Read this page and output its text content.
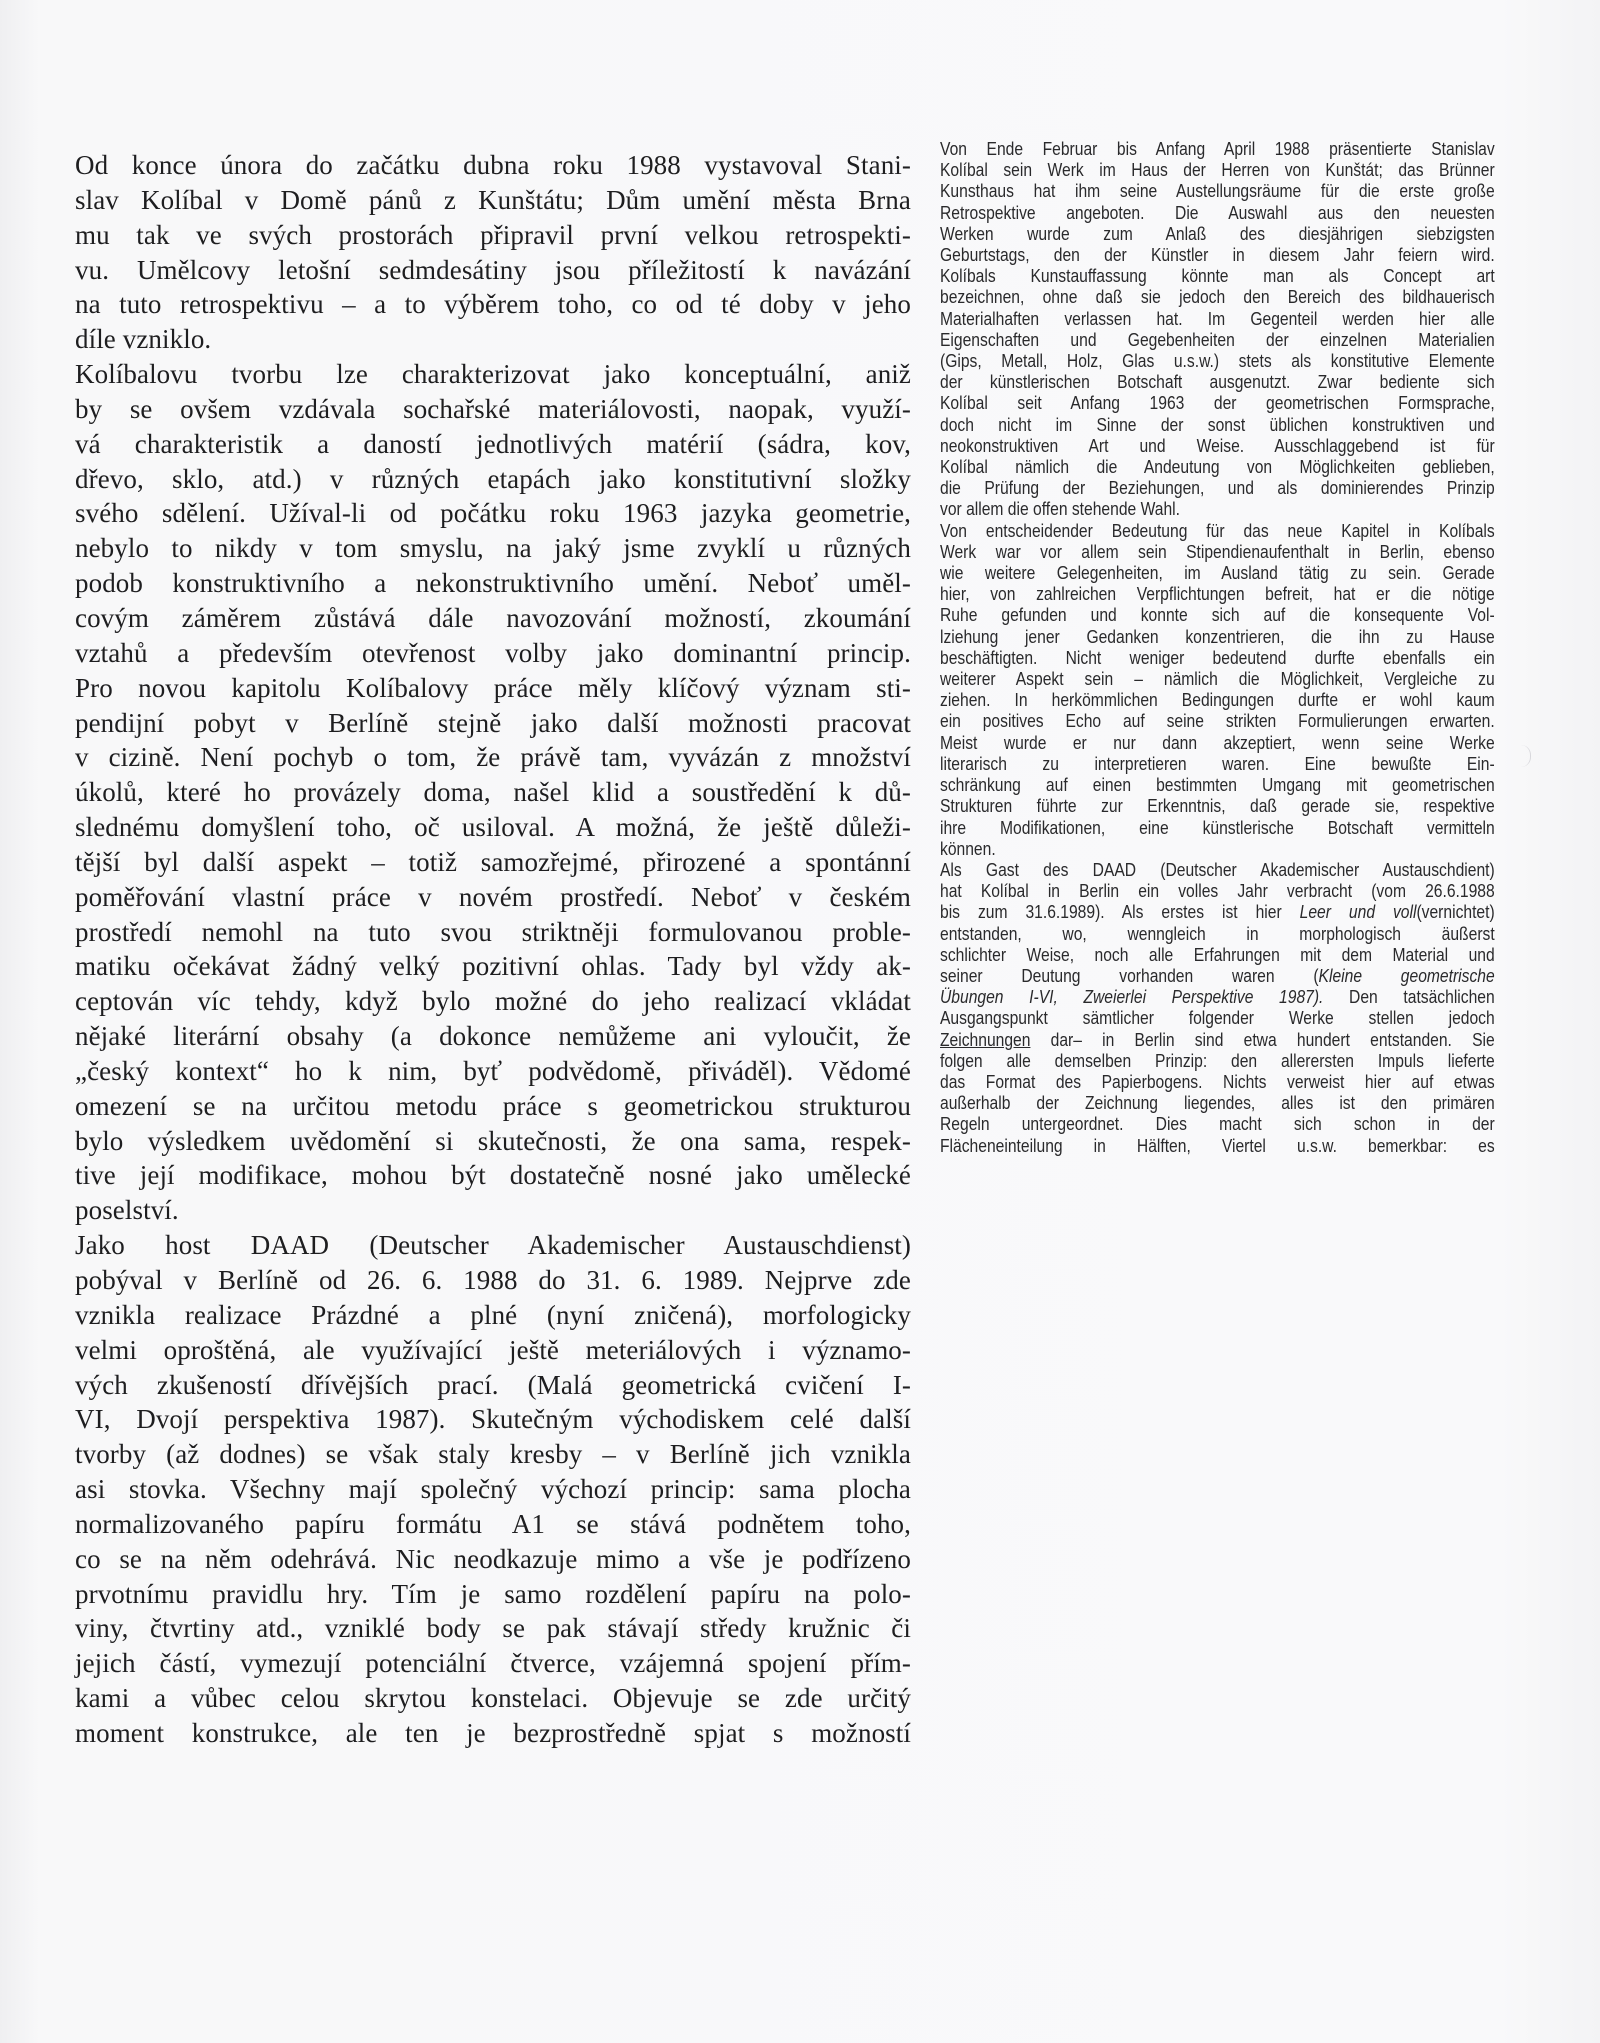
Od konce února do začátku dubna roku 1988 vystavoval Stani-
slav Kolíbal v Domě pánů z Kunštátu; Dům umění města Brna
mu tak ve svých prostorách připravil první velkou retrospekti-
vu. Umělcovy letošní sedmdesátiny jsou příležitostí k navázání
na tuto retrospektivu – a to výběrem toho, co od té doby v jeho
díle vzniklo.
Kolíbalovu tvorbu lze charakterizovat jako konceptuální, aniž
by se ovšem vzdávala sochařské materiálovosti, naopak, využí-
vá charakteristik a daností jednotlivých matérií (sádra, kov,
dřevo, sklo, atd.) v různých etapách jako konstitutivní složky
svého sdělení. Užíval-li od počátku roku 1963 jazyka geometrie,
nebylo to nikdy v tom smyslu, na jaký jsme zvyklí u různých
podob konstruktivního a nekonstruktivního umění. Neboť uměl-
covým záměrem zůstává dále navozování možností, zkoumání
vztahů a především otevřenost volby jako dominantní princip.
Pro novou kapitolu Kolíbalovy práce měly klíčový význam sti-
pendijní pobyt v Berlíně stejně jako další možnosti pracovat
v cizině. Není pochyb o tom, že právě tam, vyvázán z množství
úkolů, které ho provázely doma, našel klid a soustředění k dů-
slednému domyšlení toho, oč usiloval. A možná, že ještě důleži-
tější byl další aspekt – totiž samozřejmé, přirozené a spontánní
poměřování vlastní práce v novém prostředí. Neboť v českém
prostředí nemohl na tuto svou striktněji formulovanou proble-
matiku očekávat žádný velký pozitivní ohlas. Tady byl vždy ak-
ceptován víc tehdy, když bylo možné do jeho realizací vkládat
nějaké literární obsahy (a dokonce nemůžeme ani vyloučit, že
„český kontext“ ho k nim, byť podvědomě, přiváděl). Vědomé
omezení se na určitou metodu práce s geometrickou strukturou
bylo výsledkem uvědomění si skutečnosti, že ona sama, respek-
tive její modifikace, mohou být dostatečně nosné jako umělecké
poselství.
Jako host DAAD (Deutscher Akademischer Austauschdienst)
pobýval v Berlíně od 26. 6. 1988 do 31. 6. 1989. Nejprve zde
vznikla realizace Prázdné a plné (nyní zničená), morfologicky
velmi oproštěná, ale využívající ještě meteriálových i významo-
vých zkušeností dřívějších prací. (Malá geometrická cvičení I-
VI, Dvojí perspektiva 1987). Skutečným východiskem celé další
tvorby (až dodnes) se však staly kresby – v Berlíně jich vznikla
asi stovka. Všechny mají společný výchozí princip: sama plocha
normalizovaného papíru formátu A1 se stává podnětem toho,
co se na něm odehrává. Nic neodkazuje mimo a vše je podřízeno
prvotnímu pravidlu hry. Tím je samo rozdělení papíru na polo-
viny, čtvrtiny atd., vzniklé body se pak stávají středy kružnic či
jejich částí, vymezují potenciální čtverce, vzájemná spojení přím-
kami a vůbec celou skrytou konstelaci. Objevuje se zde určitý
moment konstrukce, ale ten je bezprostředně spjat s možností
Von Ende Februar bis Anfang April 1988 präsentierte Stanislav
Kolíbal sein Werk im Haus der Herren von Kunštát; das Brünner
Kunsthaus hat ihm seine Austellungsräume für die erste große
Retrospektive angeboten. Die Auswahl aus den neuesten
Werken wurde zum Anlaß des diesjährigen siebzigsten
Geburtstags, den der Künstler in diesem Jahr feiern wird.
Kolíbals Kunstauffassung könnte man als Concept art
bezeichnen, ohne daß sie jedoch den Bereich des bildhauerisch
Materialhaften verlassen hat. Im Gegenteil werden hier alle
Eigenschaften und Gegebenheiten der einzelnen Materialien
(Gips, Metall, Holz, Glas u.s.w.) stets als konstitutive Elemente
der künstlerischen Botschaft ausgenutzt. Zwar bediente sich
Kolíbal seit Anfang 1963 der geometrischen Formsprache,
doch nicht im Sinne der sonst üblichen konstruktiven und
neokonstruktiven Art und Weise. Ausschlaggebend ist für
Kolíbal nämlich die Andeutung von Möglichkeiten geblieben,
die Prüfung der Beziehungen, und als dominierendes Prinzip
vor allem die offen stehende Wahl.
Von entscheidender Bedeutung für das neue Kapitel in Kolíbals
Werk war vor allem sein Stipendienaufenthalt in Berlin, ebenso
wie weitere Gelegenheiten, im Ausland tätig zu sein. Gerade
hier, von zahlreichen Verpflichtungen befreit, hat er die nötige
Ruhe gefunden und konnte sich auf die konsequente Vol-
lziehung jener Gedanken konzentrieren, die ihn zu Hause
beschäftigten. Nicht weniger bedeutend durfte ebenfalls ein
weiterer Aspekt sein – nämlich die Möglichkeit, Vergleiche zu
ziehen. In herkömmlichen Bedingungen durfte er wohl kaum
ein positives Echo auf seine strikten Formulierungen erwarten.
Meist wurde er nur dann akzeptiert, wenn seine Werke
literarisch zu interpretieren waren. Eine bewußte Ein-
schränkung auf einen bestimmten Umgang mit geometrischen
Strukturen führte zur Erkenntnis, daß gerade sie, respektive
ihre Modifikationen, eine künstlerische Botschaft vermitteln
können.
Als Gast des DAAD (Deutscher Akademischer Austauschdient)
hat Kolíbal in Berlin ein volles Jahr verbracht (vom 26.6.1988
bis zum 31.6.1989). Als erstes ist hier Leer und voll(vernichtet)
entstanden, wo, wenngleich in morphologisch äußerst
schlichter Weise, noch alle Erfahrungen mit dem Material und
seiner Deutung vorhanden waren (Kleine geometrische
Übungen I-VI, Zweierlei Perspektive 1987). Den tatsächlichen
Ausgangspunkt sämtlicher folgender Werke stellen jedoch
Zeichnungen dar– in Berlin sind etwa hundert entstanden. Sie
folgen alle demselben Prinzip: den allerersten Impuls lieferte
das Format des Papierbogens. Nichts verweist hier auf etwas
außerhalb der Zeichnung liegendes, alles ist den primären
Regeln untergeordnet. Dies macht sich schon in der
Flächeneinteilung in Hälften, Viertel u.s.w. bemerkbar: es
